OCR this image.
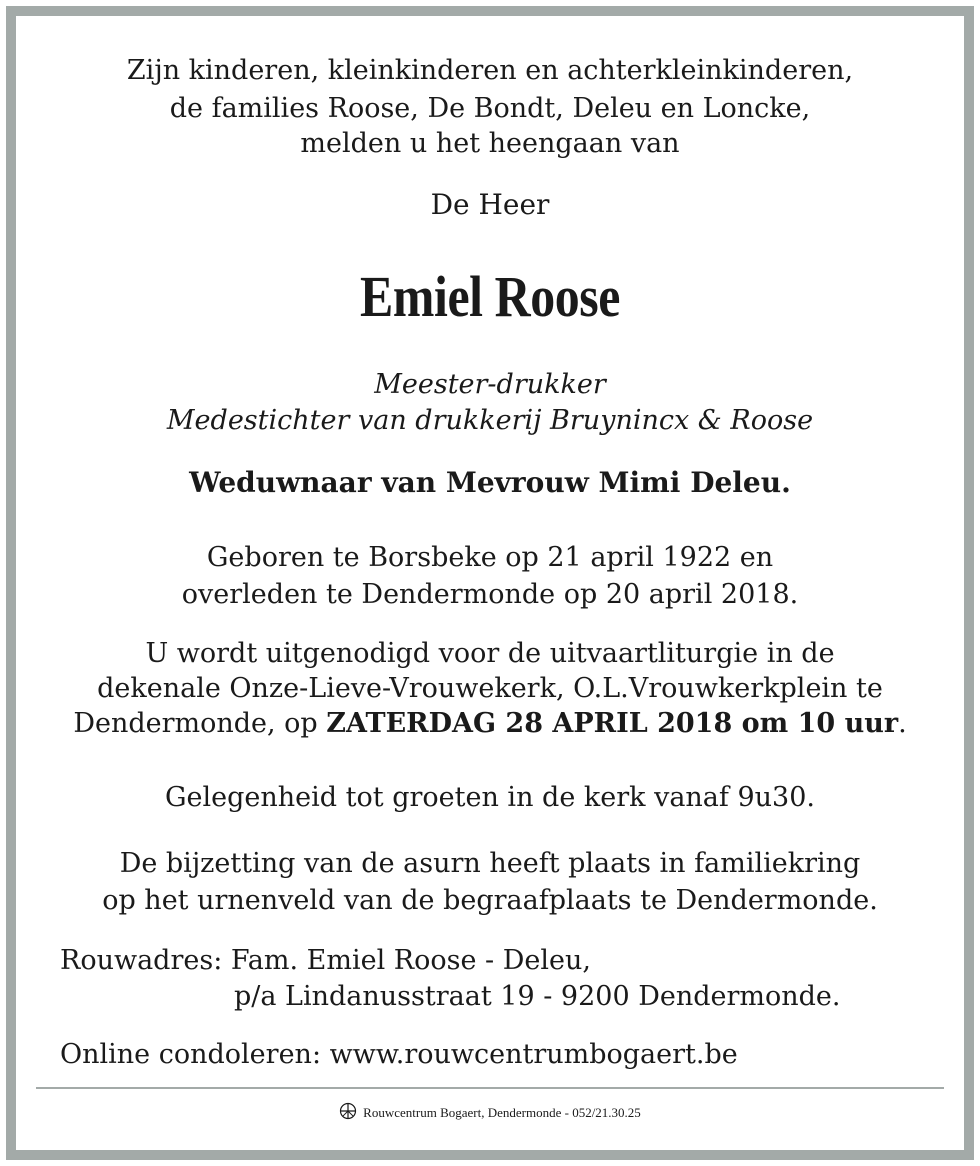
Zijn kinderen, kleinkinderen en achterkleinkinderen,
de families Roose, De Bondt, Deleu en Loncke,
melden u het heengaan van
De Heer
Emiel Roose
Meester-drukker
Medestichter van drukkerij Bruynincx & Roose
Weduwnaar van Mevrouw Mimi Deleu.
Geboren te Borsbeke op 21 april 1922 en
overleden te Dendermonde op 20 april 2018.
U wordt uitgenodigd voor de uitvaartliturgie in de
dekenale Onze-Lieve-Vrouwekerk, O.L.Vrouwkerkplein te
Dendermonde, op ZATERDAG 28 APRIL 2018 om 10 uur.
Gelegenheid tot groeten in de kerk vanaf 9u30.
De bijzetting van de asurn heeft plaats in familiekring
op het urnenveld van de begraafplaats te Dendermonde.
Rouwadres: Fam. Emiel Roose - Deleu,
p/a Lindanusstraat 19 - 9200 Dendermonde.
Online condoleren: www.rouwcentrumbogaert.be
Rouwcentrum Bogaert, Dendermonde - 052/21.30.25
